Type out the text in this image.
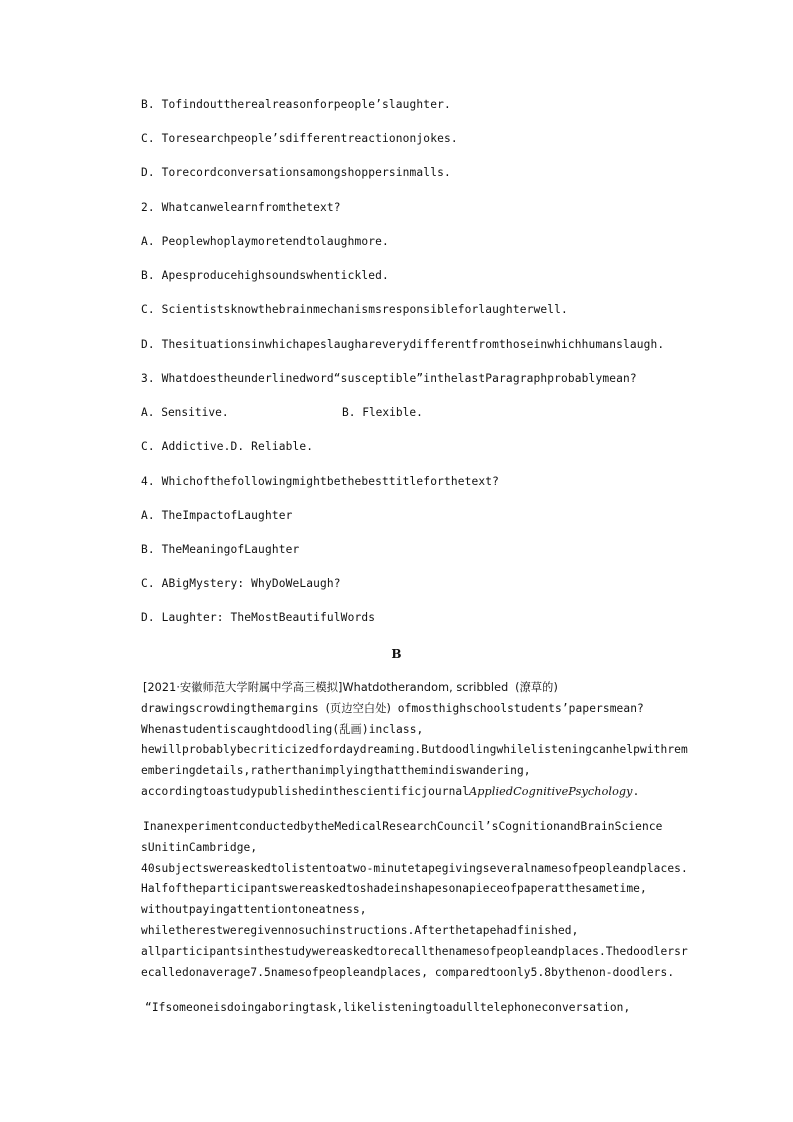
B. Tofindouttherealreasonforpeople’slaughter.
C. Toresearchpeople’sdifferentreactiononjokes.
D. Torecordconversationsamongshoppersinmalls.
2. Whatcanwelearnfromthetext?
A. Peoplewhoplaymoretendtolaughmore.
B. Apesproducehighsoundswhentickled.
C. Scientistsknowthebrainmechanismsresponsibleforlaughterwell.
D. Thesituationsinwhichapeslaughareverydifferentfromthoseinwhichhumanslaugh.
3. Whatdoestheunderlinedword“susceptible”inthelastParagraphprobablymean?
A. Sensitive.	B. Flexible.
C. Addictive.D. Reliable.
4. Whichofthefollowingmightbethebesttitleforthetext?
A. TheImpactofLaughter
B. TheMeaningofLaughter
C. ABigMystery: WhyDoWeLaugh?
D. Laughter: TheMostBeautifulWords
B
[2021·安徽师范大学附属中学高三模拟]Whatdotherandom, scribbled (潦草的)
drawingscrowdingthemargins (页边空白处) ofmosthighschoolstudents’papersmean?
Whenastudentiscaughtdoodling(乱画)inclass,
hewillprobablybecriticizedfordaydreaming.Butdoodlingwhilelisteningcanhelpwithrem
emberingdetails,ratherthanimplyingthatthemindiswandering,
accordingtoastudypublishedinthescientificjournalAppliedCognitivePsychology.
InanexperimentconductedbytheMedicalResearchCouncil’sCognitionandBrainScience
sUnitinCambridge,
40subjectswereaskedtolistentoatwo-minutetapegivingseveralnamesofpeopleandplaces.
Halfoftheparticipantswereaskedtoshadeinshapesonapieceofpaperatthesametime,
withoutpayingattentiontoneatness,
whiletherestweregivennosuchinstructions.Afterthetapehadfinished,
allparticipantsinthestudywereaskedtorecallthenamesofpeopleandplaces.Thedoodlersr
ecalledonaverage7.5namesofpeopleandplaces, comparedtoonly5.8bythenon-doodlers.
“Ifsomeoneisdoingaboringtask,likelisteningtoadulltelephoneconversation,
